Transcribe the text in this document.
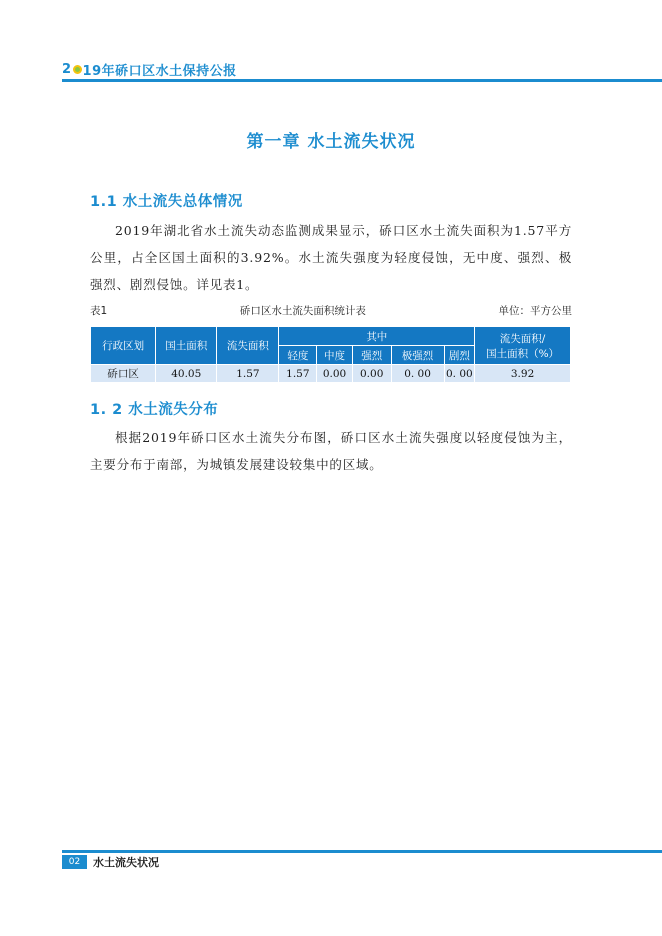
2 19年硚口区水土保持公报
第一章 水土流失状况
1.1 水土流失总体情况
2019年湖北省水土流失动态监测成果显示，硚口区水土流失面积为1.57平方公里，占全区国土面积的3.92%。水土流失强度为轻度侵蚀，无中度、强烈、极强烈、剧烈侵蚀。详见表1。
表1	硚口区水土流失面积统计表	单位：平方公里
行政区划	国土面积	流失面积	其中					流失面积/
国土面积（%）
			轻度	中度	强烈	极强烈	剧烈	
硚口区	40.05	1.57	1.57	0.00	0.00	0. 00	0. 00	3.92
1. 2 水土流失分布
根据2019年硚口区水土流失分布图，硚口区水土流失强度以轻度侵蚀为主，主要分布于南部，为城镇发展建设较集中的区域。
02	水土流失状况
